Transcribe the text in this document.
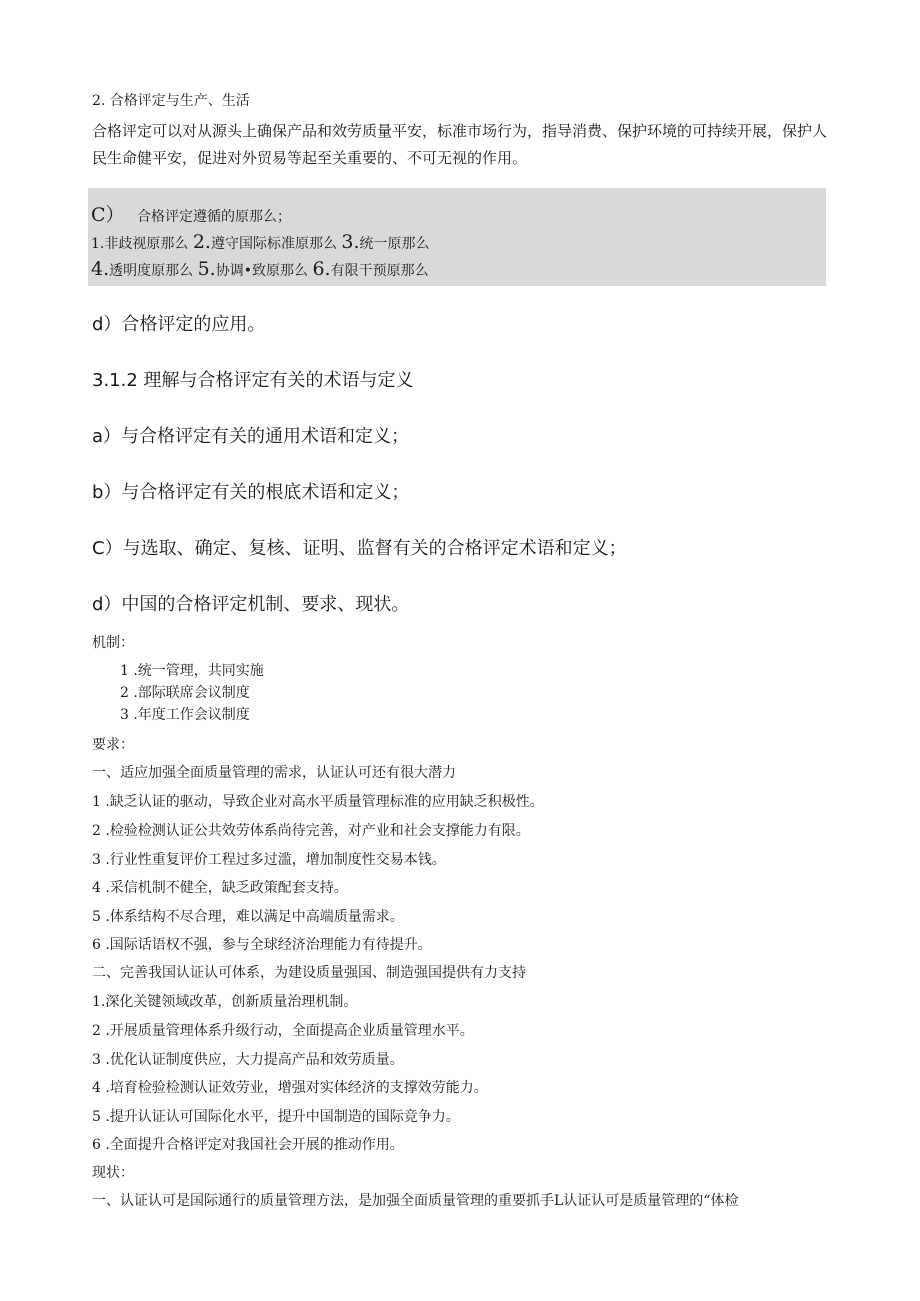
2. 合格评定与生产、生活
合格评定可以对从源头上确保产品和效劳质量平安，标准市场行为，指导消费、保护环境的可持续开展，保护人民生命健平安，促进对外贸易等起至关重要的、不可无视的作用。
C） 合格评定遵循的原那么；
1.非歧视原那么 2.遵守国际标准原那么 3.统一原那么
4.透明度原那么 5.协调•致原那么 6.有限干预原那么
d）合格评定的应用。
3.1.2 理解与合格评定有关的术语与定义
a）与合格评定有关的通用术语和定义；
b）与合格评定有关的根底术语和定义；
C）与选取、确定、复核、证明、监督有关的合格评定术语和定义；
d）中国的合格评定机制、要求、现状。
机制：
1 .统一管理，共同实施
2 .部际联席会议制度
3 .年度工作会议制度
要求：
一、适应加强全面质量管理的需求，认证认可还有很大潜力
1 .缺乏认证的驱动，导致企业对高水平质量管理标准的应用缺乏积极性。
2 .检验检测认证公共效劳体系尚待完善，对产业和社会支撑能力有限。
3 .行业性重复评价工程过多过滥，增加制度性交易本钱。
4 .采信机制不健全，缺乏政策配套支持。
5 .体系结构不尽合理，难以满足中高端质量需求。
6 .国际话语权不强，参与全球经济治理能力有待提升。
二、完善我国认证认可体系，为建设质量强国、制造强国提供有力支持
1.深化关键领域改革，创新质量治理机制。
2 .开展质量管理体系升级行动，全面提高企业质量管理水平。
3 .优化认证制度供应，大力提高产品和效劳质量。
4 .培育检验检测认证效劳业，增强对实体经济的支撑效劳能力。
5 .提升认证认可国际化水平，提升中国制造的国际竞争力。
6 .全面提升合格评定对我国社会开展的推动作用。
现状：
一、认证认可是国际通行的质量管理方法，是加强全面质量管理的重要抓手L认证认可是质量管理的“体检
